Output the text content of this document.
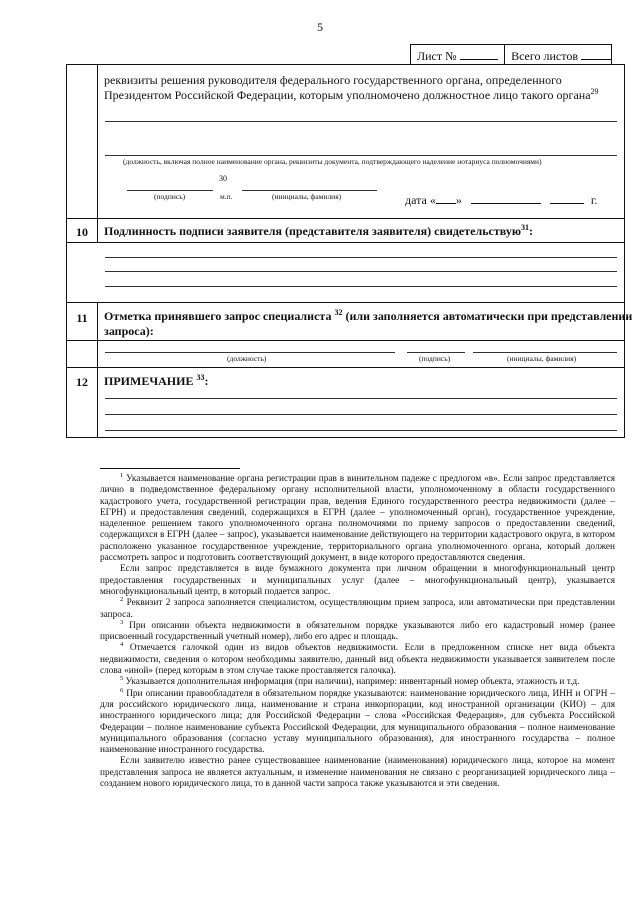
5
Лист №	Всего листов
реквизиты решения руководителя федерального государственного органа, определенного
Президентом Российской Федерации, которым уполномочено должностное лицо такого органа$^{29}$
(должность, включая полное наименование органа, реквизиты документа, подтверждающего наделение нотариуса полномочиями)
30
(подпись)	м.п.	(инициалы, фамилия)	дата « »	г.
10	Подлинность подписи заявителя (представителя заявителя) свидетельствую$^{31}$:
11	Отметка принявшего запрос специалиста $^{32}$ (или заполняется автоматически при представлении
запроса):
(должность)	(подпись)	(инициалы, фамилия)
12	ПРИМЕЧАНИЕ $^{33}$:

$^1$ Указывается наименование органа регистрации прав в винительном падеже с предлогом «в». Если запрос представляется лично в подведомственное федеральному органу исполнительной власти, уполномоченному в области государственного кадастрового учета, государственной регистрации прав, ведения Единого государственного реестра недвижимости (далее – ЕГРН) и предоставления сведений, содержащихся в ЕГРН (далее – уполномоченный орган), государственное учреждение, наделенное решением такого уполномоченного органа полномочиями по приему запросов о предоставлении сведений, содержащихся в ЕГРН (далее – запрос), указывается наименование действующего на территории кадастрового округа, в котором расположено указанное государственное учреждение, территориального органа уполномоченного органа, который должен рассмотреть запрос и подготовить соответствующий документ, в виде которого предоставляются сведения.

Если запрос представляется в виде бумажного документа при личном обращении в многофункциональный центр предоставления государственных и муниципальных услуг (далее – многофункциональный центр), указывается многофункциональный центр, в который подается запрос.

$^2$ Реквизит 2 запроса заполняется специалистом, осуществляющим прием запроса, или автоматически при представлении запроса.

$^3$ При описании объекта недвижимости в обязательном порядке указываются либо его кадастровый номер (ранее присвоенный государственный учетный номер), либо его адрес и площадь.

$^4$ Отмечается галочкой один из видов объектов недвижимости. Если в предложенном списке нет вида объекта недвижимости, сведения о котором необходимы заявителю, данный вид объекта недвижимости указывается заявителем после слова «иной» (перед которым в этом случае также проставляется галочка).

$^5$ Указывается дополнительная информация (при наличии), например: инвентарный номер объекта, этажность и т.д.

$^6$ При описании правообладателя в обязательном порядке указываются: наименование юридического лица, ИНН и ОГРН – для российского юридического лица, наименование и страна инкорпорации, код иностранной организации (КИО) – для иностранного юридического лица; для Российской Федерации – слова «Российская Федерация», для субъекта Российской Федерации – полное наименование субъекта Российской Федерации, для муниципального образования – полное наименование муниципального образования (согласно уставу муниципального образования), для иностранного государства – полное наименование иностранного государства.

Если заявителю известно ранее существовавшее наименование (наименования) юридического лица, которое на момент представления запроса не является актуальным, и изменение наименования не связано с реорганизацией юридического лица – созданием нового юридического лица, то в данной части запроса также указываются и эти сведения.
